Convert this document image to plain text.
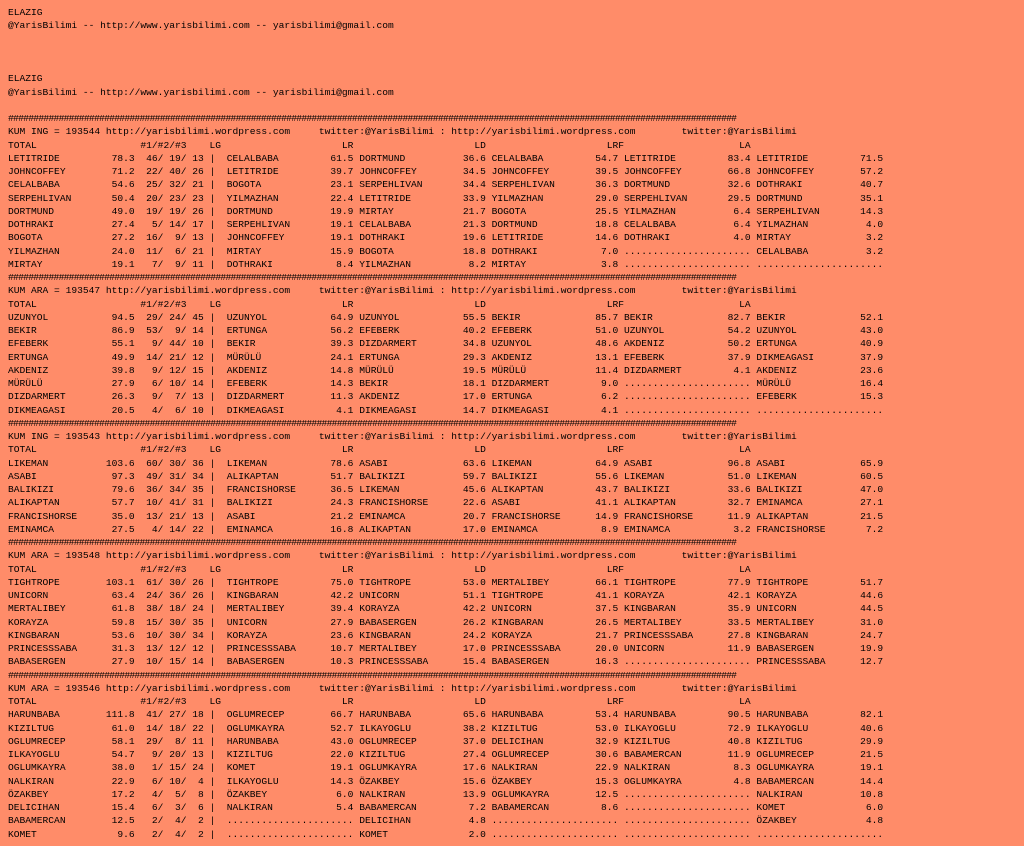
ELAZIG
@YarisBilimi -- http://www.yarisbilimi.com -- yarisbilimi@gmail.com
ELAZIG
@YarisBilimi -- http://www.yarisbilimi.com -- yarisbilimi@gmail.com
################################################################################################################################################
KUM ING = 193544 http://yarisbilimi.wordpress.com     twitter:@YarisBilimi : http://yarisbilimi.wordpress.com        twitter:@YarisBilimi
TOTAL                  #1/#2/#3    LG                     LR                     LD                     LRF                    LA
LETITRIDE         78.3  46/ 19/ 13 |  CELALBABA         61.5 DORTMUND          36.6 CELALBABA         54.7 LETITRIDE         83.4 LETITRIDE         71.5
JOHNCOFFEY        71.2  22/ 40/ 26 |  LETITRIDE         39.7 JOHNCOFFEY        34.5 JOHNCOFFEY        39.5 JOHNCOFFEY        66.8 JOHNCOFFEY        57.2
CELALBABA         54.6  25/ 32/ 21 |  BOGOTA            23.1 SERPEHLIVAN       34.4 SERPEHLIVAN       36.3 DORTMUND          32.6 DOTHRAKI          40.7
SERPEHLIVAN       50.4  20/ 23/ 23 |  YILMAZHAN         22.4 LETITRIDE         33.9 YILMAZHAN         29.0 SERPEHLIVAN       29.5 DORTMUND          35.1
DORTMUND          49.0  19/ 19/ 26 |  DORTMUND          19.9 MIRTAY            21.7 BOGOTA            25.5 YILMAZHAN          6.4 SERPEHLIVAN       14.3
DOTHRAKI          27.4   5/ 14/ 17 |  SERPEHLIVAN       19.1 CELALBABA         21.3 DORTMUND          18.8 CELALBABA          6.4 YILMAZHAN          4.0
BOGOTA            27.2  16/  9/ 13 |  JOHNCOFFEY        19.1 DOTHRAKI          19.6 LETITRIDE         14.6 DOTHRAKI           4.0 MIRTAY             3.2
YILMAZHAN         24.0  11/  6/ 21 |  MIRTAY            15.9 BOGOTA            18.8 DOTHRAKI           7.0 ...................... CELALBABA          3.2
MIRTAY            19.1   7/  9/ 11 |  DOTHRAKI           8.4 YILMAZHAN          8.2 MIRTAY             3.8 ...................... ......................
################################################################################################################################################
KUM ARA = 193547 http://yarisbilimi.wordpress.com     twitter:@YarisBilimi : http://yarisbilimi.wordpress.com        twitter:@YarisBilimi
TOTAL                  #1/#2/#3    LG                     LR                     LD                     LRF                    LA
UZUNYOL           94.5  29/ 24/ 45 |  UZUNYOL           64.9 UZUNYOL           55.5 BEKIR             85.7 BEKIR             82.7 BEKIR             52.1
BEKIR             86.9  53/  9/ 14 |  ERTUNGA           56.2 EFEBERK           40.2 EFEBERK           51.0 UZUNYOL           54.2 UZUNYOL           43.0
EFEBERK           55.1   9/ 44/ 10 |  BEKIR             39.3 DIZDARMERT        34.8 UZUNYOL           48.6 AKDENIZ           50.2 ERTUNGA           40.9
ERTUNGA           49.9  14/ 21/ 12 |  MÜRÜLÜ            24.1 ERTUNGA           29.3 AKDENIZ           13.1 EFEBERK           37.9 DIKMEAGASI        37.9
AKDENIZ           39.8   9/ 12/ 15 |  AKDENIZ           14.8 MÜRÜLÜ            19.5 MÜRÜLÜ            11.4 DIZDARMERT         4.1 AKDENIZ           23.6
MÜRÜLÜ            27.9   6/ 10/ 14 |  EFEBERK           14.3 BEKIR             18.1 DIZDARMERT         9.0 ...................... MÜRÜLÜ            16.4
DIZDARMERT        26.3   9/  7/ 13 |  DIZDARMERT        11.3 AKDENIZ           17.0 ERTUNGA            6.2 ...................... EFEBERK           15.3
DIKMEAGASI        20.5   4/  6/ 10 |  DIKMEAGASI         4.1 DIKMEAGASI        14.7 DIKMEAGASI         4.1 ...................... ......................
################################################################################################################################################
KUM ING = 193543 http://yarisbilimi.wordpress.com     twitter:@YarisBilimi : http://yarisbilimi.wordpress.com        twitter:@YarisBilimi
TOTAL                  #1/#2/#3    LG                     LR                     LD                     LRF                    LA
LIKEMAN          103.6  60/ 30/ 36 |  LIKEMAN           78.6 ASABI             63.6 LIKEMAN           64.9 ASABI             96.8 ASABI             65.9
ASABI             97.3  49/ 31/ 34 |  ALIKAPTAN         51.7 BALIKIZI          59.7 BALIKIZI          55.6 LIKEMAN           51.0 LIKEMAN           60.5
BALIKIZI          79.6  36/ 34/ 35 |  FRANCISHORSE      36.5 LIKEMAN           45.6 ALIKAPTAN         43.7 BALIKIZI          33.6 BALIKIZI          47.0
ALIKAPTAN         57.7  10/ 41/ 31 |  BALIKIZI          24.3 FRANCISHORSE      22.6 ASABI             41.1 ALIKAPTAN         32.7 EMINAMCA          27.1
FRANCISHORSE      35.0  13/ 21/ 13 |  ASABI             21.2 EMINAMCA          20.7 FRANCISHORSE      14.9 FRANCISHORSE      11.9 ALIKAPTAN         21.5
EMINAMCA          27.5   4/ 14/ 22 |  EMINAMCA          16.8 ALIKAPTAN         17.0 EMINAMCA           8.9 EMINAMCA           3.2 FRANCISHORSE       7.2
################################################################################################################################################
KUM ARA = 193548 http://yarisbilimi.wordpress.com     twitter:@YarisBilimi : http://yarisbilimi.wordpress.com        twitter:@YarisBilimi
TOTAL                  #1/#2/#3    LG                     LR                     LD                     LRF                    LA
TIGHTROPE        103.1  61/ 30/ 26 |  TIGHTROPE         75.0 TIGHTROPE         53.0 MERTALIBEY        66.1 TIGHTROPE         77.9 TIGHTROPE         51.7
UNICORN           63.4  24/ 36/ 26 |  KINGBARAN         42.2 UNICORN           51.1 TIGHTROPE         41.1 KORAYZA           42.1 KORAYZA           44.6
MERTALIBEY        61.8  38/ 18/ 24 |  MERTALIBEY        39.4 KORAYZA           42.2 UNICORN           37.5 KINGBARAN         35.9 UNICORN           44.5
KORAYZA           59.8  15/ 30/ 35 |  UNICORN           27.9 BABASERGEN        26.2 KINGBARAN         26.5 MERTALIBEY        33.5 MERTALIBEY        31.0
KINGBARAN         53.6  10/ 30/ 34 |  KORAYZA           23.6 KINGBARAN         24.2 KORAYZA           21.7 PRINCESSSABA      27.8 KINGBARAN         24.7
PRINCESSSABA      31.3  13/ 12/ 12 |  PRINCESSSABA      10.7 MERTALIBEY        17.0 PRINCESSSABA      20.0 UNICORN           11.9 BABASERGEN        19.9
BABASERGEN        27.9  10/ 15/ 14 |  BABASERGEN        10.3 PRINCESSSABA      15.4 BABASERGEN        16.3 ...................... PRINCESSSABA      12.7
################################################################################################################################################
KUM ARA = 193546 http://yarisbilimi.wordpress.com     twitter:@YarisBilimi : http://yarisbilimi.wordpress.com        twitter:@YarisBilimi
TOTAL                  #1/#2/#3    LG                     LR                     LD                     LRF                    LA
HARUNBABA        111.8  41/ 27/ 18 |  OGLUMRECEP        66.7 HARUNBABA         65.6 HARUNBABA         53.4 HARUNBABA         90.5 HARUNBABA         82.1
KIZILTUG          61.0  14/ 18/ 22 |  OGLUMKAYRA        52.7 ILKAYOGLU         38.2 KIZILTUG          53.0 ILKAYOGLU         72.9 ILKAYOGLU         40.6
OGLUMRECEP        58.1  29/  8/ 11 |  HARUNBABA         43.0 OGLUMRECEP        37.0 DELICIHAN         32.9 KIZILTUG          40.8 KIZILTUG          29.9
ILKAYOGLU         54.7   9/ 20/ 13 |  KIZILTUG          22.0 KIZILTUG          27.4 OGLUMRECEP        30.6 BABAMERCAN        11.9 OGLUMRECEP        21.5
OGLUMKAYRA        38.0   1/ 15/ 24 |  KOMET             19.1 OGLUMKAYRA        17.6 NALKIRAN          22.9 NALKIRAN           8.3 OGLUMKAYRA        19.1
NALKIRAN          22.9   6/ 10/  4 |  ILKAYOGLU         14.3 ÖZAKBEY           15.6 ÖZAKBEY           15.3 OGLUMKAYRA         4.8 BABAMERCAN        14.4
ÖZAKBEY           17.2   4/  5/  8 |  ÖZAKBEY            6.0 NALKIRAN          13.9 OGLUMKAYRA        12.5 ...................... NALKIRAN          10.8
DELICIHAN         15.4   6/  3/  6 |  NALKIRAN           5.4 BABAMERCAN         7.2 BABAMERCAN         8.6 ...................... KOMET              6.0
BABAMERCAN        12.5   2/  4/  2 |  ...................... DELICIHAN          4.8 ...................... ...................... ÖZAKBEY            4.8
KOMET              9.6   2/  4/  2 |  ...................... KOMET              2.0 ...................... ...................... ......................
